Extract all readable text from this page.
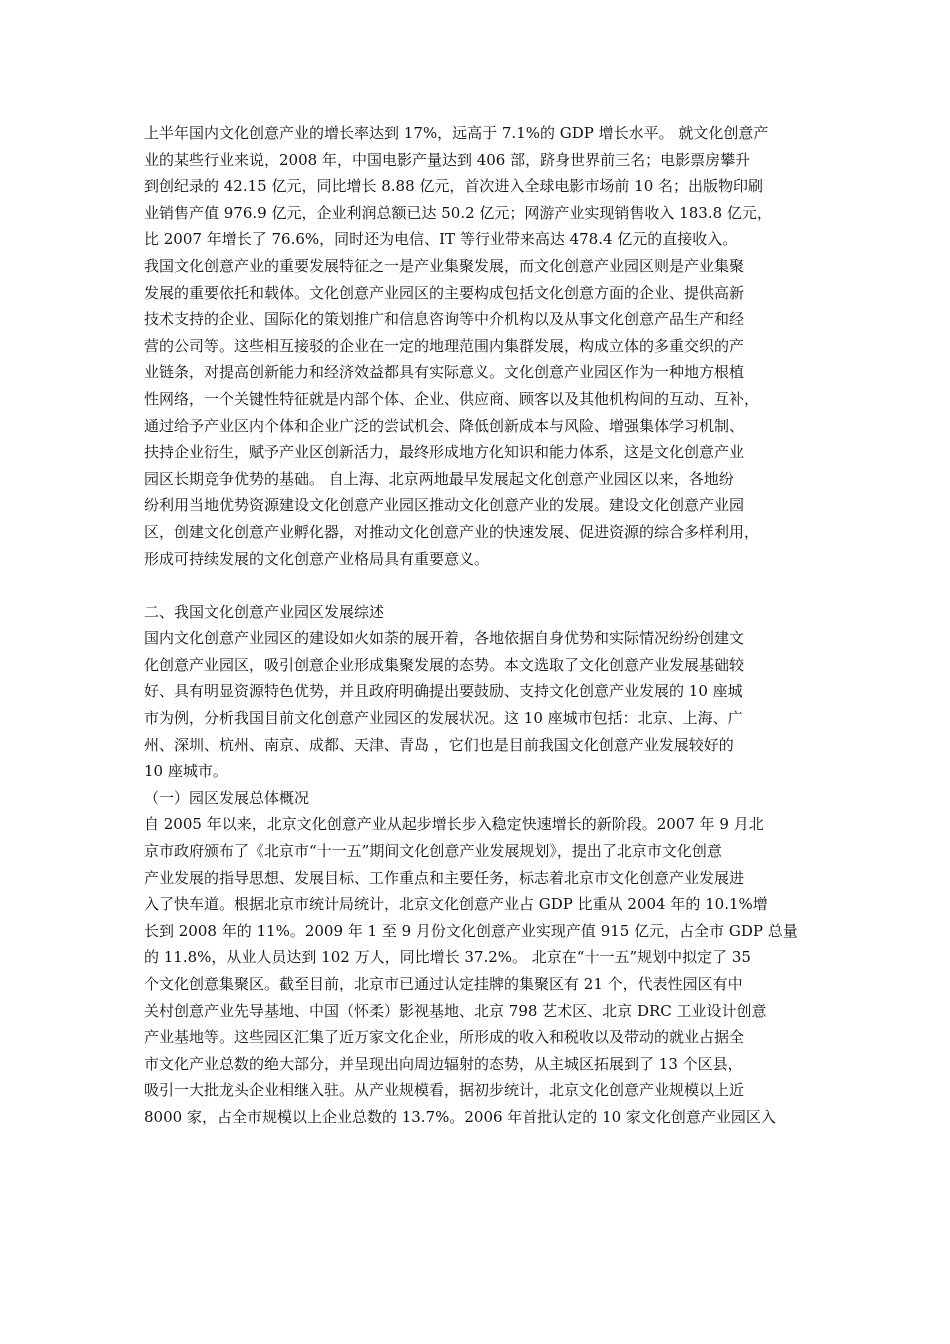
上半年国内文化创意产业的增长率达到 17%，远高于 7.1%的 GDP 增长水平。 就文化创意产
业的某些行业来说，2008 年，中国电影产量达到 406 部，跻身世界前三名；电影票房攀升
到创纪录的 42.15 亿元，同比增长 8.88 亿元，首次进入全球电影市场前 10 名；出版物印刷
业销售产值 976.9 亿元，企业利润总额已达 50.2 亿元；网游产业实现销售收入 183.8 亿元，
比 2007 年增长了 76.6%，同时还为电信、IT 等行业带来高达 478.4 亿元的直接收入。
我国文化创意产业的重要发展特征之一是产业集聚发展，而文化创意产业园区则是产业集聚
发展的重要依托和载体。文化创意产业园区的主要构成包括文化创意方面的企业、提供高新
技术支持的企业、国际化的策划推广和信息咨询等中介机构以及从事文化创意产品生产和经
营的公司等。这些相互接驳的企业在一定的地理范围内集群发展，构成立体的多重交织的产
业链条，对提高创新能力和经济效益都具有实际意义。文化创意产业园区作为一种地方根植
性网络，一个关键性特征就是内部个体、企业、供应商、顾客以及其他机构间的互动、互补，
通过给予产业区内个体和企业广泛的尝试机会、降低创新成本与风险、增强集体学习机制、
扶持企业衍生，赋予产业区创新活力，最终形成地方化知识和能力体系，这是文化创意产业
园区长期竞争优势的基础。 自上海、北京两地最早发展起文化创意产业园区以来，各地纷
纷利用当地优势资源建设文化创意产业园区推动文化创意产业的发展。建设文化创意产业园
区，创建文化创意产业孵化器，对推动文化创意产业的快速发展、促进资源的综合多样利用，
形成可持续发展的文化创意产业格局具有重要意义。
二、我国文化创意产业园区发展综述
国内文化创意产业园区的建设如火如荼的展开着，各地依据自身优势和实际情况纷纷创建文
化创意产业园区，吸引创意企业形成集聚发展的态势。本文选取了文化创意产业发展基础较
好、具有明显资源特色优势，并且政府明确提出要鼓励、支持文化创意产业发展的 10 座城
市为例，分析我国目前文化创意产业园区的发展状况。这 10 座城市包括：北京、上海、广
州、深圳、杭州、南京、成都、天津、青岛 ，它们也是目前我国文化创意产业发展较好的
10 座城市。
（一）园区发展总体概况
自 2005 年以来，北京文化创意产业从起步增长步入稳定快速增长的新阶段。2007 年 9 月北
京市政府颁布了《北京市“十一五”期间文化创意产业发展规划》，提出了北京市文化创意
产业发展的指导思想、发展目标、工作重点和主要任务，标志着北京市文化创意产业发展进
入了快车道。根据北京市统计局统计，北京文化创意产业占 GDP 比重从 2004 年的 10.1%增
长到 2008 年的 11%。2009 年 1 至 9 月份文化创意产业实现产值 915 亿元，占全市 GDP 总量
的 11.8%，从业人员达到 102 万人，同比增长 37.2%。 北京在“十一五”规划中拟定了 35
个文化创意集聚区。截至目前，北京市已通过认定挂牌的集聚区有 21 个，代表性园区有中
关村创意产业先导基地、中国（怀柔）影视基地、北京 798 艺术区、北京 DRC 工业设计创意
产业基地等。这些园区汇集了近万家文化企业，所形成的收入和税收以及带动的就业占据全
市文化产业总数的绝大部分，并呈现出向周边辐射的态势，从主城区拓展到了 13 个区县，
吸引一大批龙头企业相继入驻。从产业规模看，据初步统计，北京文化创意产业规模以上近
8000 家，占全市规模以上企业总数的 13.7%。2006 年首批认定的 10 家文化创意产业园区入
